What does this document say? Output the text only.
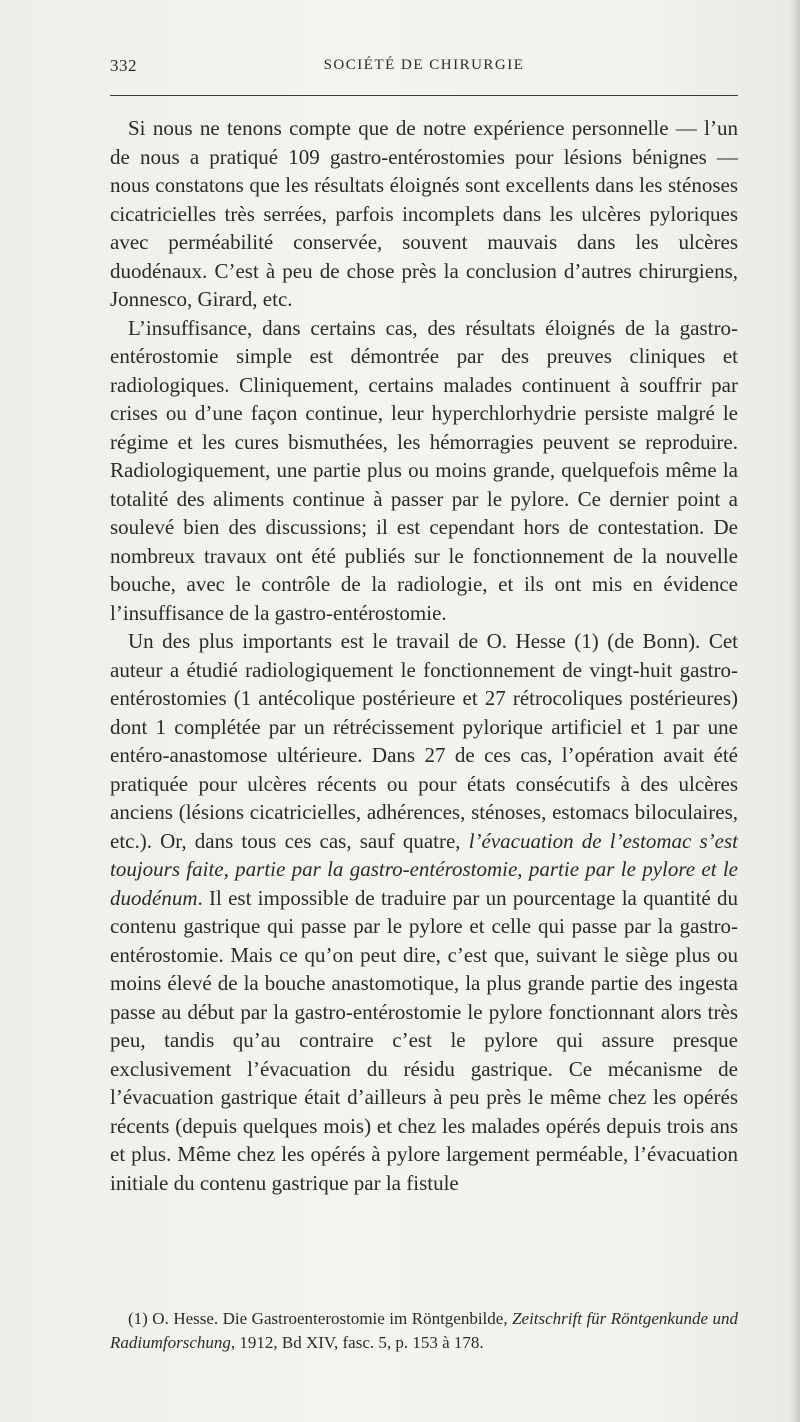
332	SOCIÉTÉ DE CHIRURGIE

Si nous ne tenons compte que de notre expérience personnelle — l’un de nous a pratiqué 109 gastro-entérostomies pour lésions bénignes — nous constatons que les résultats éloignés sont excellents dans les sténoses cicatricielles très serrées, parfois incomplets dans les ulcères pyloriques avec perméabilité conservée, souvent mauvais dans les ulcères duodénaux. C’est à peu de chose près la conclusion d’autres chirurgiens, Jonnesco, Girard, etc.

L’insuffisance, dans certains cas, des résultats éloignés de la gastro-entérostomie simple est démontrée par des preuves cliniques et radiologiques. Cliniquement, certains malades continuent à souffrir par crises ou d’une façon continue, leur hyperchlorhydrie persiste malgré le régime et les cures bismuthées, les hémorragies peuvent se reproduire. Radiologiquement, une partie plus ou moins grande, quelquefois même la totalité des aliments continue à passer par le pylore. Ce dernier point a soulevé bien des discussions; il est cependant hors de contestation. De nombreux travaux ont été publiés sur le fonctionnement de la nouvelle bouche, avec le contrôle de la radiologie, et ils ont mis en évidence l’insuffisance de la gastro-entérostomie.

Un des plus importants est le travail de O. Hesse (1) (de Bonn). Cet auteur a étudié radiologiquement le fonctionnement de vingt-huit gastro-entérostomies (1 antécolique postérieure et 27 rétrocoliques postérieures) dont 1 complétée par un rétrécissement pylorique artificiel et 1 par une entéro-anastomose ultérieure. Dans 27 de ces cas, l’opération avait été pratiquée pour ulcères récents ou pour états consécutifs à des ulcères anciens (lésions cicatricielles, adhérences, sténoses, estomacs biloculaires, etc.). Or, dans tous ces cas, sauf quatre, l’évacuation de l’estomac s’est toujours faite, partie par la gastro-entérostomie, partie par le pylore et le duodénum. Il est impossible de traduire par un pourcentage la quantité du contenu gastrique qui passe par le pylore et celle qui passe par la gastro-entérostomie. Mais ce qu’on peut dire, c’est que, suivant le siège plus ou moins élevé de la bouche anastomotique, la plus grande partie des ingesta passe au début par la gastro-entérostomie le pylore fonctionnant alors très peu, tandis qu’au contraire c’est le pylore qui assure presque exclusivement l’évacuation du résidu gastrique. Ce mécanisme de l’évacuation gastrique était d’ailleurs à peu près le même chez les opérés récents (depuis quelques mois) et chez les malades opérés depuis trois ans et plus. Même chez les opérés à pylore largement perméable, l’évacuation initiale du contenu gastrique par la fistule

(1) O. Hesse. Die Gastroenterostomie im Röntgenbilde, Zeitschrift für Röntgenkunde und Radiumforschung, 1912, Bd XIV, fasc. 5, p. 153 à 178.
